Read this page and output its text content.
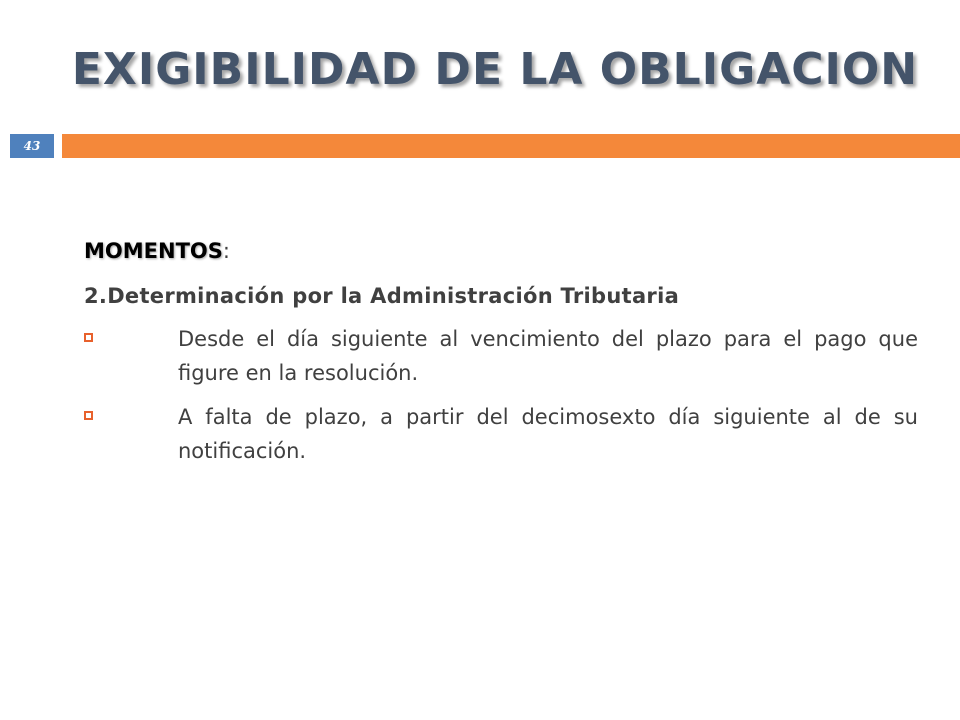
EXIGIBILIDAD DE LA OBLIGACION
43

MOMENTOS:

2.Determinación por la Administración Tributaria

Desde el día siguiente al vencimiento del plazo para el pago que figure en la resolución.
A falta de plazo, a partir del decimosexto día siguiente al de su notificación.
